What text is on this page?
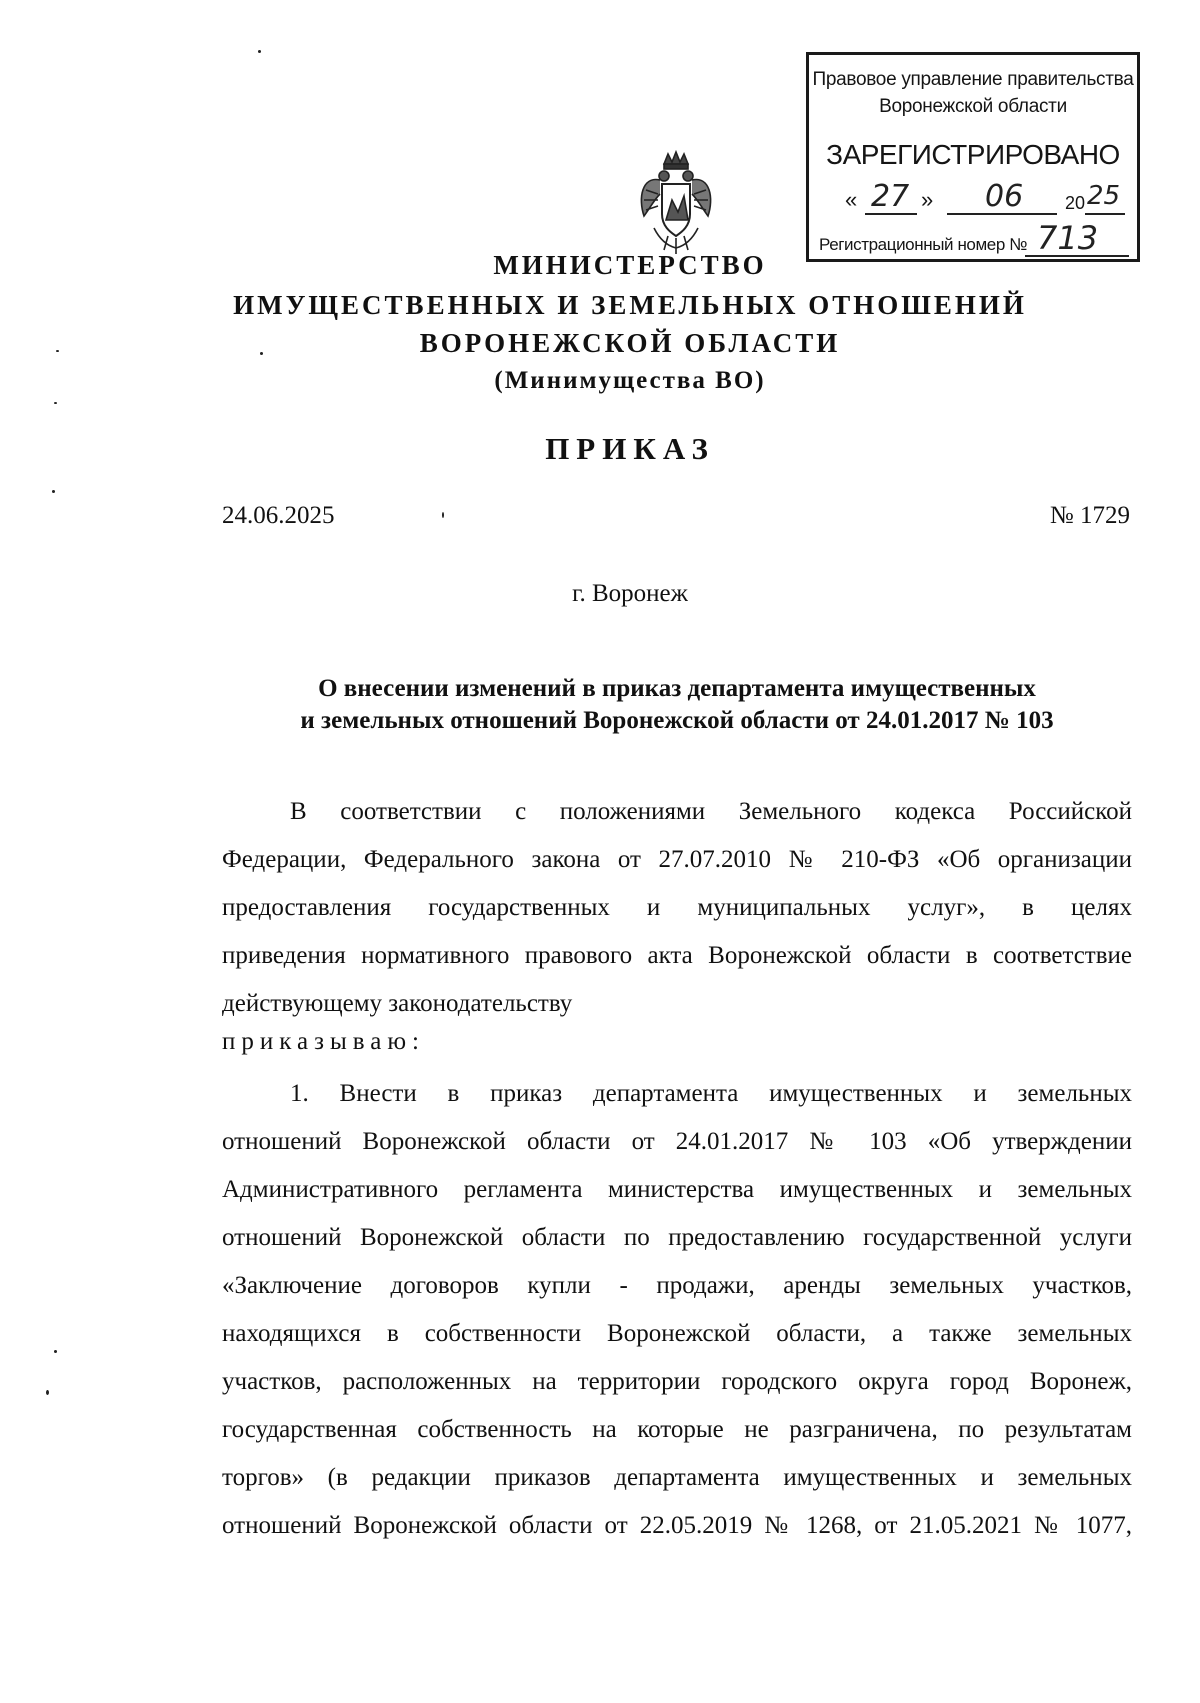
Правовое управление правительства
Воронежской области
ЗАРЕГИСТРИРОВАНО
« 27 » 06 20 25
Регистрационный номер № 713
МИНИСТЕРСТВО
ИМУЩЕСТВЕННЫХ И ЗЕМЕЛЬНЫХ ОТНОШЕНИЙ
ВОРОНЕЖСКОЙ ОБЛАСТИ
(Минимущества ВО)
ПРИКАЗ
24.06.2025	№ 1729
г. Воронеж
О внесении изменений в приказ департамента имущественных
и земельных отношений Воронежской области от 24.01.2017 № 103
В соответствии с положениями Земельного кодекса Российской
Федерации, Федерального закона от 27.07.2010 № 210-ФЗ «Об организации
предоставления государственных и муниципальных услуг», в целях
приведения нормативного правового акта Воронежской области в соответствие
действующему законодательству
приказываю:
1. Внести в приказ департамента имущественных и земельных
отношений Воронежской области от 24.01.2017 № 103 «Об утверждении
Административного регламента министерства имущественных и земельных
отношений Воронежской области по предоставлению государственной услуги
«Заключение договоров купли - продажи, аренды земельных участков,
находящихся в собственности Воронежской области, а также земельных
участков, расположенных на территории городского округа город Воронеж,
государственная собственность на которые не разграничена, по результатам
торгов» (в редакции приказов департамента имущественных и земельных
отношений Воронежской области от 22.05.2019 № 1268, от 21.05.2021 № 1077,
